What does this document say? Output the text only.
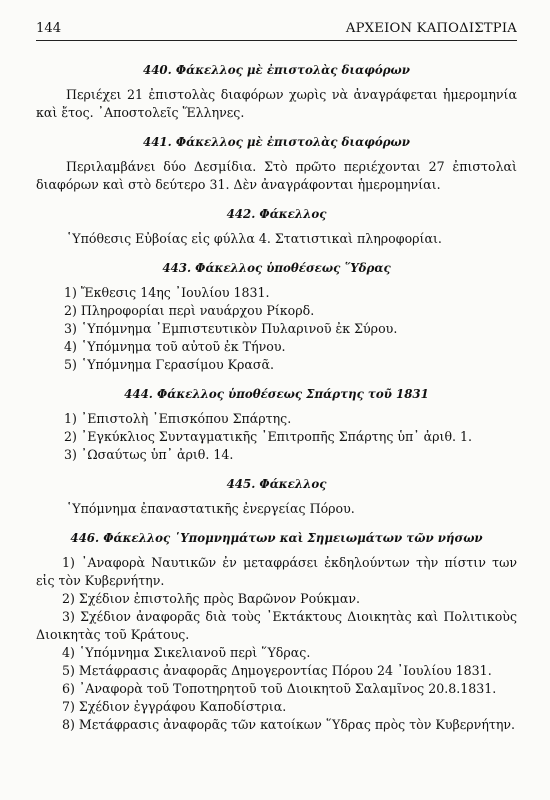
144	ΑΡΧΕΙΟΝ ΚΑΠΟΔΙΣΤΡΙΑ
440. Φάκελλος μὲ ἐπιστολὰς διαφόρων

Περιέχει 21 ἐπιστολὰς διαφόρων χωρὶς νὰ ἀναγράφεται ἡμερομηνία καὶ ἔτος. ᾿Αποστολεῖς Ἕλληνες.

441. Φάκελλος μὲ ἐπιστολὰς διαφόρων

Περιλαμβάνει δύο Δεσμίδια. Στὸ πρῶτο περιέχονται 27 ἐπιστολαὶ διαφόρων καὶ στὸ δεύτερο 31. Δὲν ἀναγράφονται ἡμερομηνίαι.

442. Φάκελλος

῾Υπόθεσις Εὐβοίας εἰς φύλλα 4. Στατιστικαὶ πληροφορίαι.

443. Φάκελλος ὑποθέσεως ῞Υδρας
1) Ἔκθεσις 14ης ᾿Ιουλίου 1831.
2) Πληροφορίαι περὶ ναυάρχου Ρίκορδ.
3) ῾Υπόμνημα ᾿Εμπιστευτικὸν Πυλαρινοῦ ἐκ Σύρου.
4) ῾Υπόμνημα τοῦ αὐτοῦ ἐκ Τήνου.
5) ῾Υπόμνημα Γερασίμου Κρασᾶ.
444. Φάκελλος ὑποθέσεως Σπάρτης τοῦ 1831
1) ᾿Επιστολὴ ᾿Επισκόπου Σπάρτης.
2) ᾿Εγκύκλιος Συνταγματικῆς ᾿Επιτροπῆς Σπάρτης ὑπ᾿ ἀριθ. 1.
3) ᾿Ωσαύτως ὑπ᾿ ἀριθ. 14.
445. Φάκελλος

῾Υπόμνημα ἐπαναστατικῆς ἐνεργείας Πόρου.

446. Φάκελλος ῾Υπομνημάτων καὶ Σημειωμάτων τῶν νήσων
1) ᾿Αναφορὰ Ναυτικῶν ἐν μεταφράσει ἐκδηλούντων τὴν πίστιν των εἰς τὸν Κυβερνήτην.
2) Σχέδιον ἐπιστολῆς πρὸς Βαρῶνον Ρούκμαν.
3) Σχέδιον ἀναφορᾶς διὰ τοὺς ᾿Εκτάκτους Διοικητὰς καὶ Πολιτικοὺς Διοικητὰς τοῦ Κράτους.
4) ῾Υπόμνημα Σικελιανοῦ περὶ ῞Υδρας.
5) Μετάφρασις ἀναφορᾶς Δημογεροντίας Πόρου 24 ᾿Ιουλίου 1831.
6) ᾿Αναφορὰ τοῦ Τοποτηρητοῦ τοῦ Διοικητοῦ Σαλαμῖνος 20.8.1831.
7) Σχέδιον ἐγγράφου Καποδίστρια.
8) Μετάφρασις ἀναφορᾶς τῶν κατοίκων ῞Υδρας πρὸς τὸν Κυβερνήτην.
